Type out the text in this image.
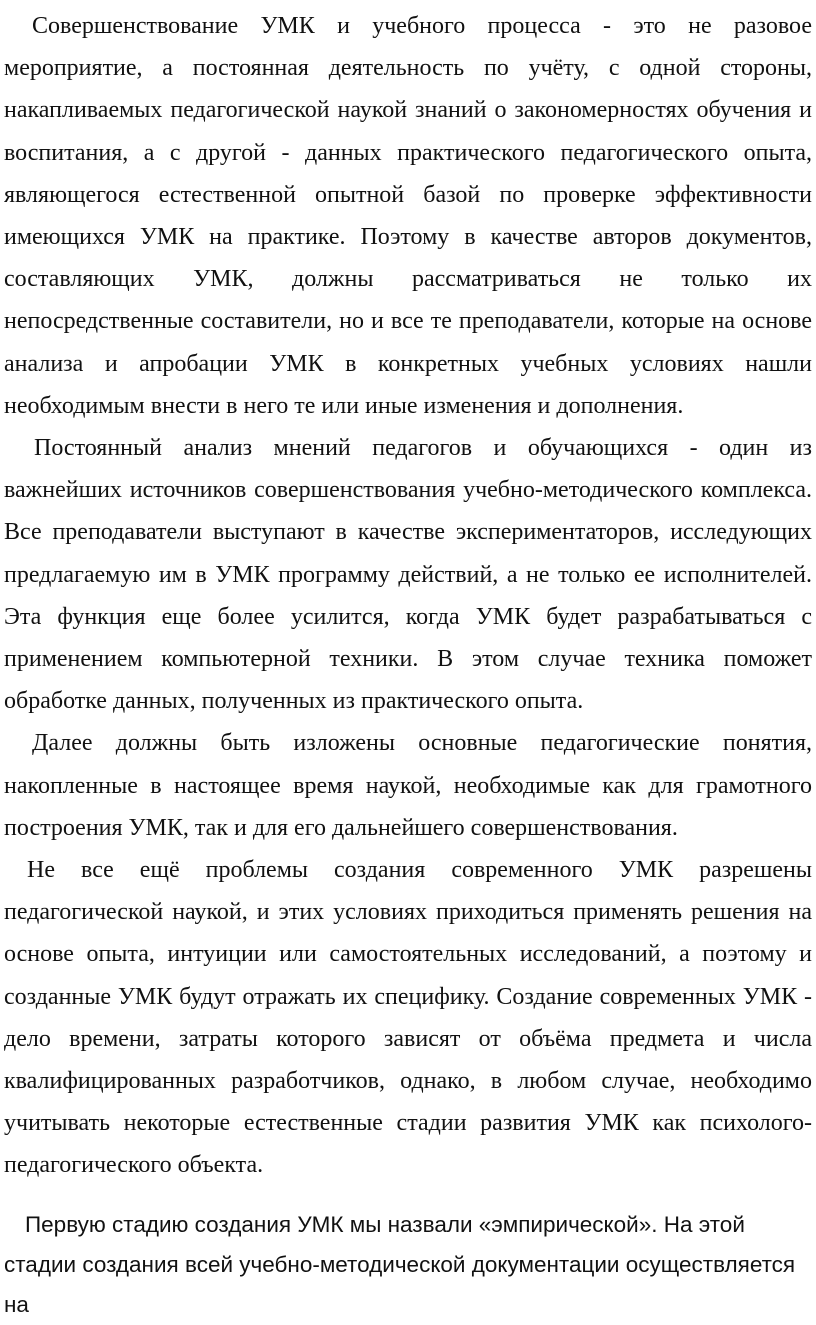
Совершенствование УМК и учебного процесса - это не разовое мероприятие, а постоянная деятельность по учёту, с одной стороны, накапливаемых педагогической наукой знаний о закономерностях обучения и воспитания, а с другой - данных практического педагогического опыта, являющегося естественной опытной базой по проверке эффективности имеющихся УМК на практике. Поэтому в качестве авторов документов, составляющих УМК, должны рассматриваться не только их непосредственные составители, но и все те преподаватели, которые на основе анализа и апробации УМК в конкретных учебных условиях нашли необходимым внести в него те или иные изменения и дополнения.

Постоянный анализ мнений педагогов и обучающихся - один из важнейших источников совершенствования учебно-методического комплекса. Все преподаватели выступают в качестве экспериментаторов, исследующих предлагаемую им в УМК программу действий, а не только ее исполнителей. Эта функция еще более усилится, когда УМК будет разрабатываться с применением компьютерной техники. В этом случае техника поможет обработке данных, полученных из практического опыта.

Далее должны быть изложены основные педагогические понятия, накопленные в настоящее время наукой, необходимые как для грамотного построения УМК, так и для его дальнейшего совершенствования.

Не все ещё проблемы создания современного УМК разрешены педагогической наукой, и этих условиях приходиться применять решения на основе опыта, интуиции или самостоятельных исследований, а поэтому и созданные УМК будут отражать их специфику. Создание современных УМК - дело времени, затраты которого зависят от объёма предмета и числа квалифицированных разработчиков, однако, в любом случае, необходимо учитывать некоторые естественные стадии развития УМК как психолого-педагогического объекта.

Первую стадию создания УМК мы назвали «эмпирической». На этой стадии создания всей учебно-методической документации осуществляется на
